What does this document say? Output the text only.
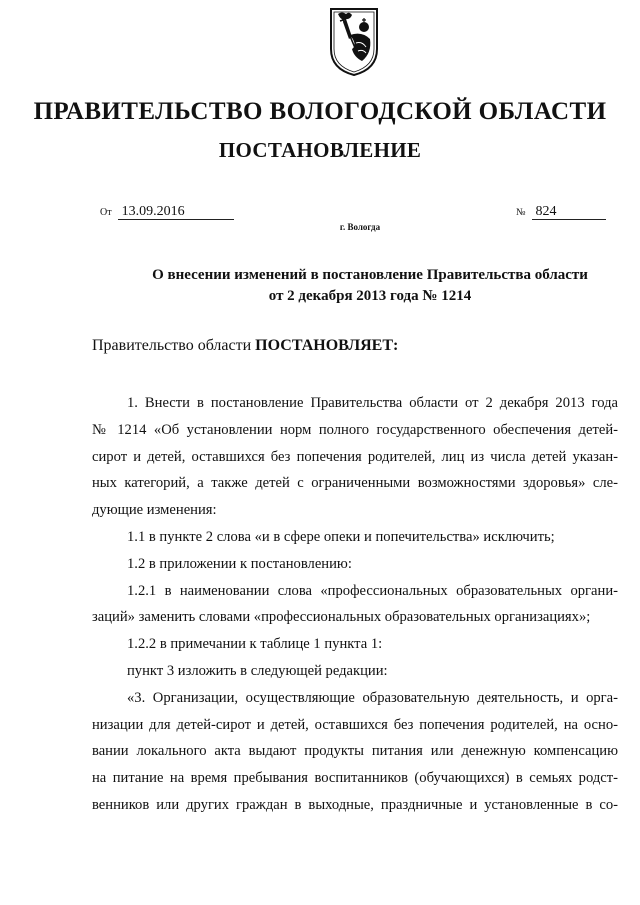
ПРАВИТЕЛЬСТВО ВОЛОГОДСКОЙ ОБЛАСТИ
ПОСТАНОВЛЕНИЕ
От 13.09.2016	№ 824
г. Вологда
О внесении изменений в постановление Правительства области
от 2 декабря 2013 года № 1214
Правительство области ПОСТАНОВЛЯЕТ:
1. Внести в постановление Правительства области от 2 декабря 2013 года
№ 1214 «Об установлении норм полного государственного обеспечения детей-
сирот и детей, оставшихся без попечения родителей, лиц из числа детей указан-
ных категорий, а также детей с ограниченными возможностями здоровья» сле-
дующие изменения:
1.1 в пункте 2 слова «и в сфере опеки и попечительства» исключить;
1.2 в приложении к постановлению:
1.2.1 в наименовании слова «профессиональных образовательных органи-
заций» заменить словами «профессиональных образовательных организациях»;
1.2.2 в примечании к таблице 1 пункта 1:
пункт 3 изложить в следующей редакции:
«3. Организации, осуществляющие образовательную деятельность, и орга-
низации для детей-сирот и детей, оставшихся без попечения родителей, на осно-
вании локального акта выдают продукты питания или денежную компенсацию
на питание на время пребывания воспитанников (обучающихся) в семьях родст-
венников или других граждан в выходные, праздничные и установленные в со-
